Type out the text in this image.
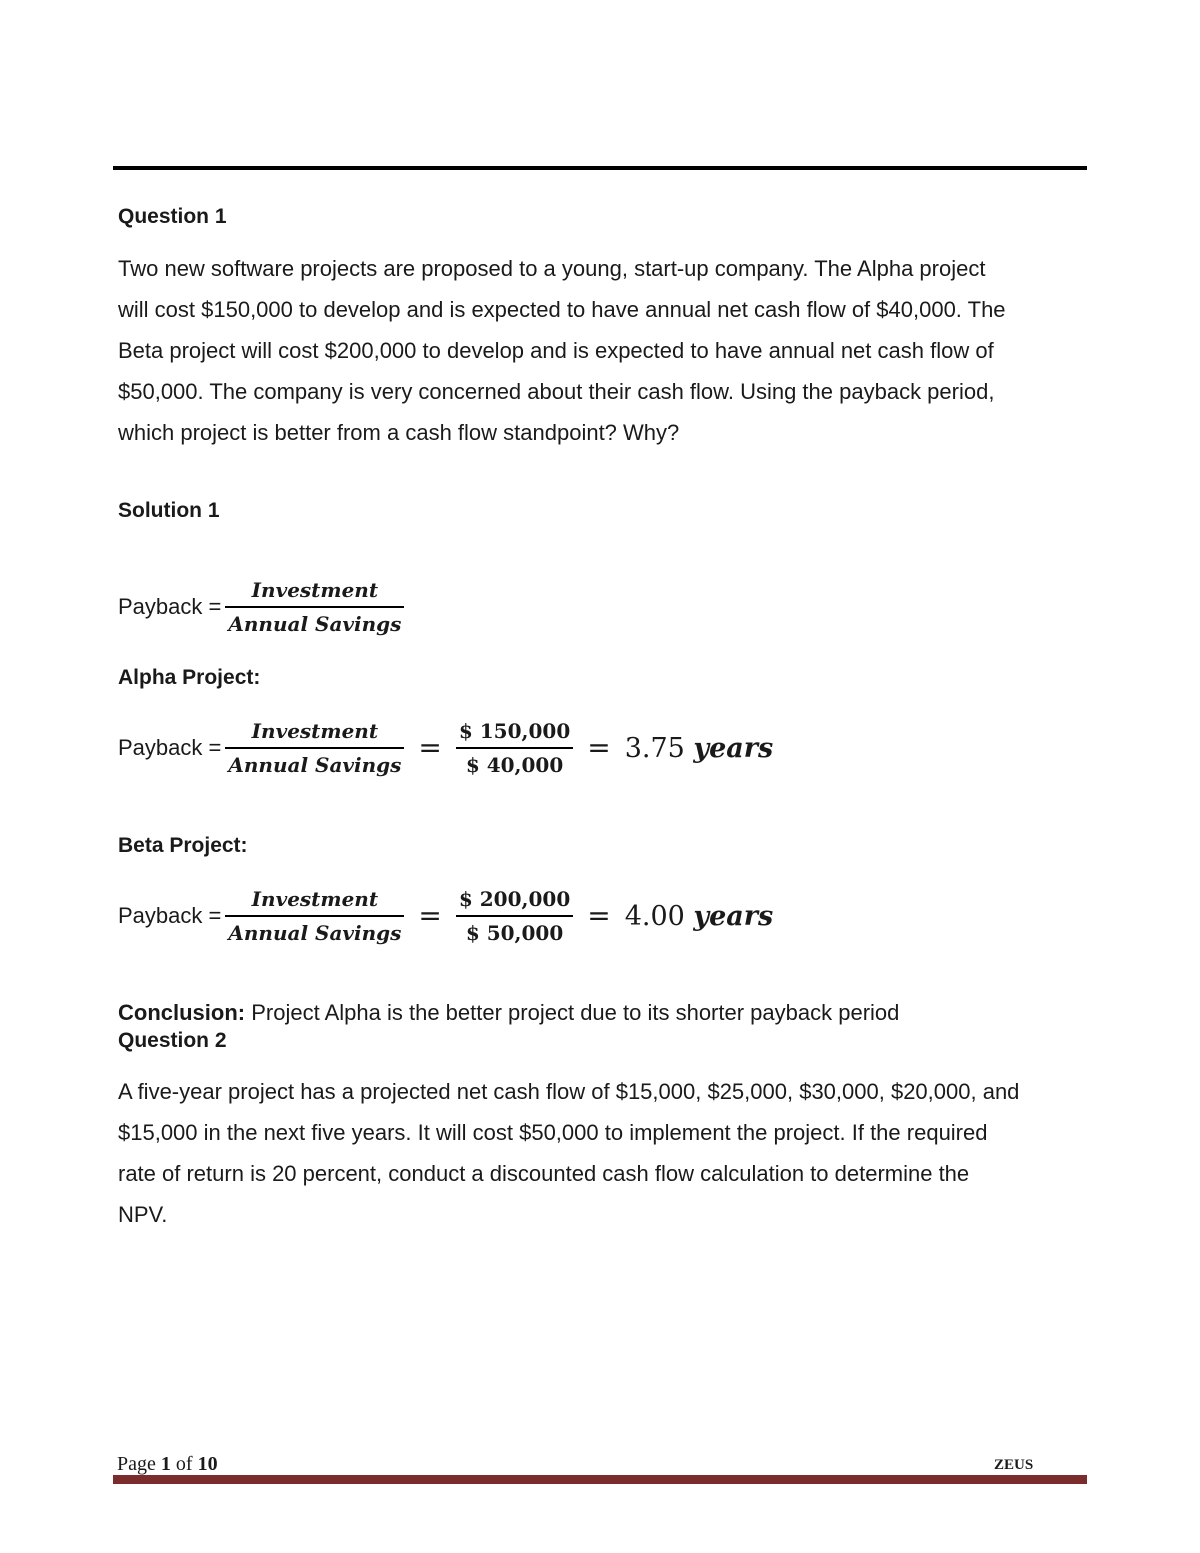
Question 1
Two new software projects are proposed to a young, start-up company. The Alpha project
will cost $150,000 to develop and is expected to have annual net cash flow of $40,000. The
Beta project will cost $200,000 to develop and is expected to have annual net cash flow of
$50,000. The company is very concerned about their cash flow. Using the payback period,
which project is better from a cash flow standpoint? Why?
Solution 1
Payback = $\frac{\text{Investment}}{\text{Annual Savings}}$
Alpha Project:
Payback = $\frac{\text{Investment}}{\text{Annual Savings}} = \frac{\$ 150,000}{\$ 40,000} = 3.75$ years
Beta Project:
Payback = $\frac{\text{Investment}}{\text{Annual Savings}} = \frac{\$ 200,000}{\$ 50,000} = 4.00$ years
Conclusion: Project Alpha is the better project due to its shorter payback period
Question 2
A five-year project has a projected net cash flow of $15,000, $25,000, $30,000, $20,000, and
$15,000 in the next five years. It will cost $50,000 to implement the project. If the required
rate of return is 20 percent, conduct a discounted cash flow calculation to determine the
NPV.
Page 1 of 10	ZEUS
